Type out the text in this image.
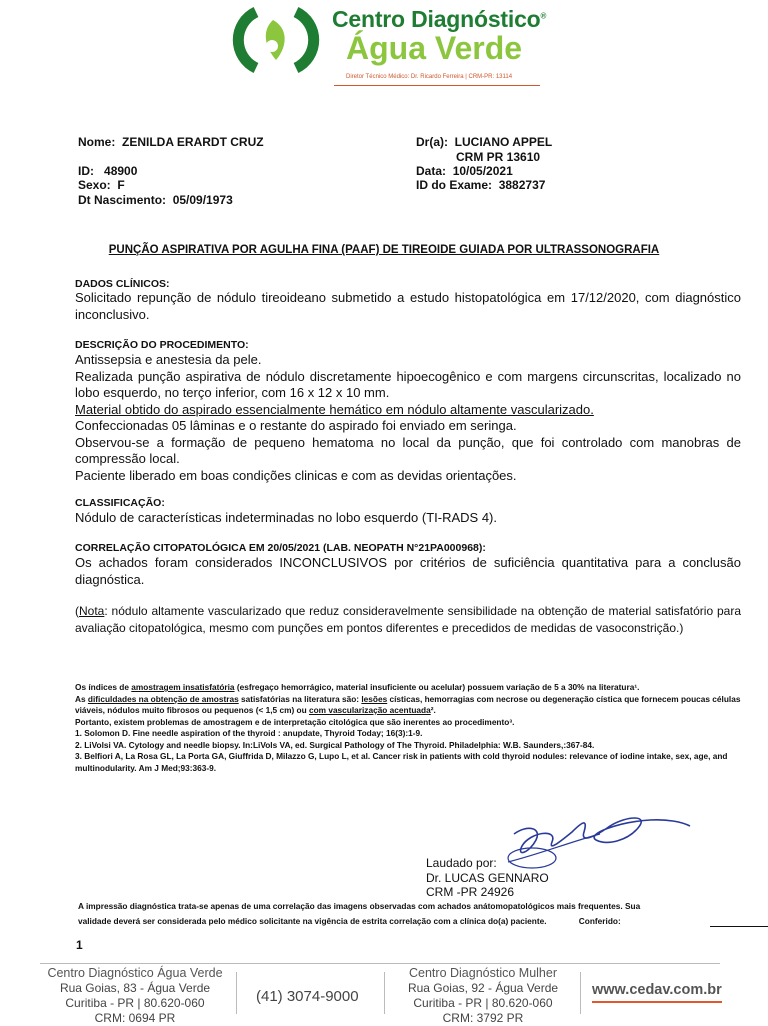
Centro Diagnóstico®
Água Verde
Diretor Técnico Médico: Dr. Ricardo Ferreira | CRM-PR: 13114
Nome: ZENILDA ERARDT CRUZ
ID: 48900
Sexo: F
Dt Nascimento: 05/09/1973
Dr(a): LUCIANO APPEL
CRM PR 13610
Data: 10/05/2021
ID do Exame: 3882737
PUNÇÃO ASPIRATIVA POR AGULHA FINA (PAAF) DE TIREOIDE GUIADA POR ULTRASSONOGRAFIA
DADOS CLÍNICOS:
Solicitado repunção de nódulo tireoideano submetido a estudo histopatológica em 17/12/2020, com diagnóstico inconclusivo.
DESCRIÇÃO DO PROCEDIMENTO:

Antissepsia e anestesia da pele.

Realizada punção aspirativa de nódulo discretamente hipoecogênico e com margens circunscritas, localizado no lobo esquerdo, no terço inferior, com 16 x 12 x 10 mm.

Material obtido do aspirado essencialmente hemático em nódulo altamente vascularizado.

Confeccionadas 05 lâminas e o restante do aspirado foi enviado em seringa.

Observou-se a formação de pequeno hematoma no local da punção, que foi controlado com manobras de compressão local.

Paciente liberado em boas condições clinicas e com as devidas orientações.

CLASSIFICAÇÃO:
Nódulo de características indeterminadas no lobo esquerdo (TI-RADS 4).
CORRELAÇÃO CITOPATOLÓGICA EM 20/05/2021 (LAB. NEOPATH N°21PA000968):
Os achados foram considerados INCONCLUSIVOS por critérios de suficiência quantitativa para a conclusão diagnóstica.
(Nota: nódulo altamente vascularizado que reduz consideravelmente sensibilidade na obtenção de material satisfatório para avaliação citopatológica, mesmo com punções em pontos diferentes e precedidos de medidas de vasoconstrição.)

Os índices de amostragem insatisfatória (esfregaço hemorrágico, material insuficiente ou acelular) possuem variação de 5 a 30% na literatura¹.

As dificuldades na obtenção de amostras satisfatórias na literatura são: lesões císticas, hemorragias com necrose ou degeneração cística que fornecem poucas células viáveis, nódulos muito fibrosos ou pequenos (< 1,5 cm) ou com vascularização acentuada².

Portanto, existem problemas de amostragem e de interpretação citológica que são inerentes ao procedimento³.

1. Solomon D. Fine needle aspiration of the thyroid : anupdate, Thyroid Today; 16(3):1-9.

2. LiVolsi VA. Cytology and needle biopsy. In:LiVols VA, ed. Surgical Pathology of The Thyroid. Philadelphia: W.B. Saunders,:367-84.

3. Belfiori A, La Rosa GL, La Porta GA, Giuffrida D, Milazzo G, Lupo L, et al. Cancer risk in patients with cold thyroid nodules: relevance of iodine intake, sex, age, and multinodularity. Am J Med;93:363-9.

Laudado por:
Dr. LUCAS GENNARO
CRM -PR 24926

A impressão diagnóstica trata-se apenas de uma correlação das imagens observadas com achados anátomopatológicos mais frequentes. Sua

validade deverá ser considerada pelo médico solicitante na vigência de estrita correlação com a clínica do(a) paciente.	Conferido:

1
Centro Diagnóstico Água Verde
Rua Goias, 83 - Água Verde
Curitiba - PR | 80.620-060
CRM: 0694 PR
(41) 3074-9000
Centro Diagnóstico Mulher
Rua Goias, 92 - Água Verde
Curitiba - PR | 80.620-060
CRM: 3792 PR
www.cedav.com.br
